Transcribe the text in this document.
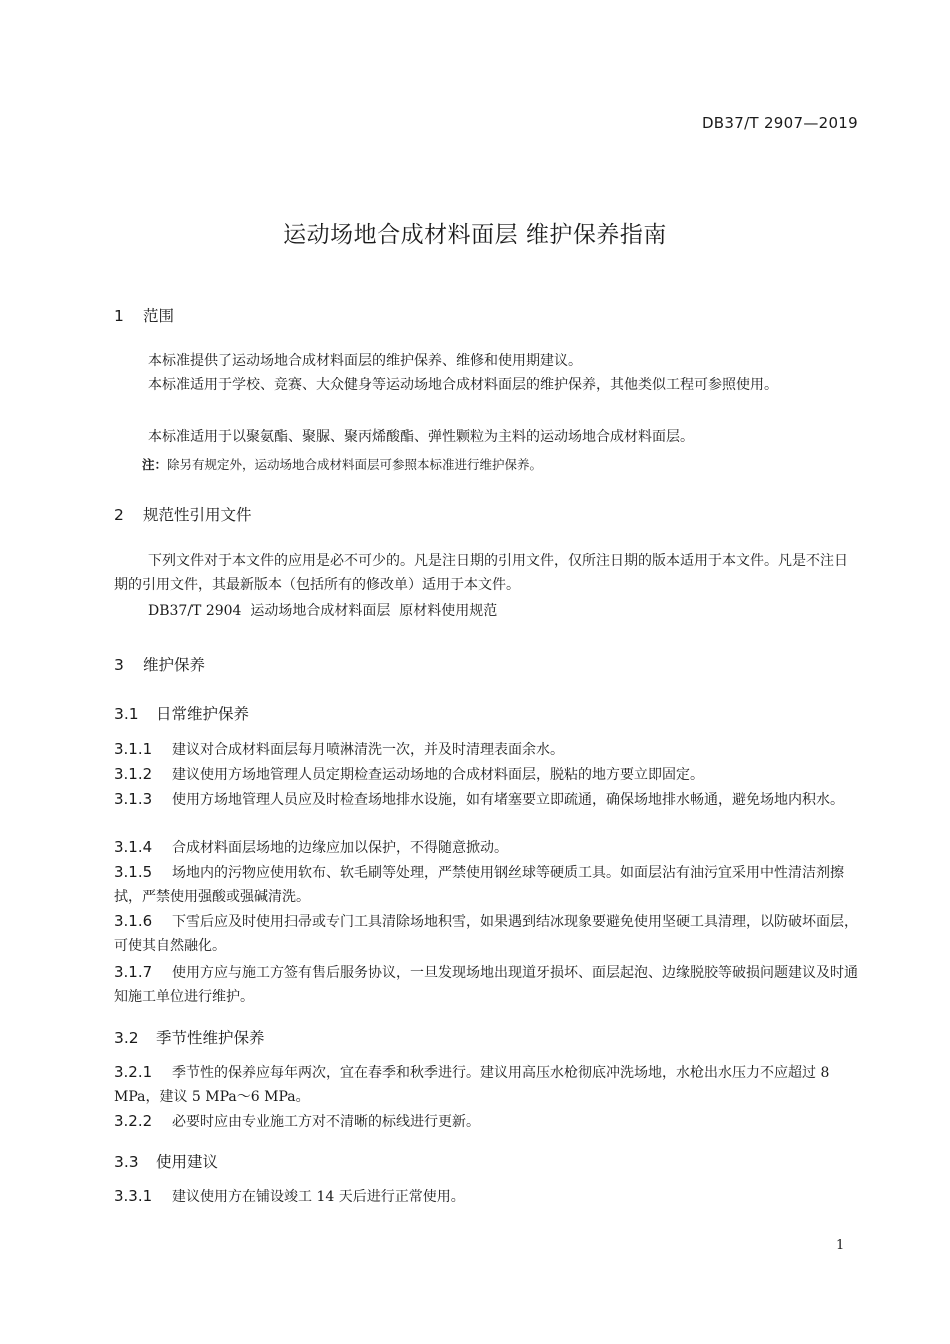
DB37/T 2907—2019

运动场地合成材料面层 维护保养指南

1 范围

本标准提供了运动场地合成材料面层的维护保养、维修和使用期建议。

本标准适用于学校、竞赛、大众健身等运动场地合成材料面层的维护保养，其他类似工程可参照使用。

本标准适用于以聚氨酯、聚脲、聚丙烯酸酯、弹性颗粒为主料的运动场地合成材料面层。

注：除另有规定外，运动场地合成材料面层可参照本标准进行维护保养。

2 规范性引用文件

下列文件对于本文件的应用是必不可少的。凡是注日期的引用文件，仅所注日期的版本适用于本文件。凡是不注日期的引用文件，其最新版本（包括所有的修改单）适用于本文件。

DB37/T 2904  运动场地合成材料面层  原材料使用规范

3 维护保养

3.1 日常维护保养

3.1.1 建议对合成材料面层每月喷淋清洗一次，并及时清理表面余水。

3.1.2 建议使用方场地管理人员定期检查运动场地的合成材料面层，脱粘的地方要立即固定。

3.1.3 使用方场地管理人员应及时检查场地排水设施，如有堵塞要立即疏通，确保场地排水畅通，避免场地内积水。

3.1.4 合成材料面层场地的边缘应加以保护，不得随意掀动。

3.1.5 场地内的污物应使用软布、软毛刷等处理，严禁使用钢丝球等硬质工具。如面层沾有油污宜采用中性清洁剂擦拭，严禁使用强酸或强碱清洗。

3.1.6 下雪后应及时使用扫帚或专门工具清除场地积雪，如果遇到结冰现象要避免使用坚硬工具清理，以防破坏面层，可使其自然融化。

3.1.7 使用方应与施工方签有售后服务协议，一旦发现场地出现道牙损坏、面层起泡、边缘脱胶等破损问题建议及时通知施工单位进行维护。

3.2 季节性维护保养

3.2.1 季节性的保养应每年两次，宜在春季和秋季进行。建议用高压水枪彻底冲洗场地，水枪出水压力不应超过 8 MPa，建议 5 MPa～6 MPa。

3.2.2 必要时应由专业施工方对不清晰的标线进行更新。

3.3 使用建议

3.3.1 建议使用方在铺设竣工 14 天后进行正常使用。

1
